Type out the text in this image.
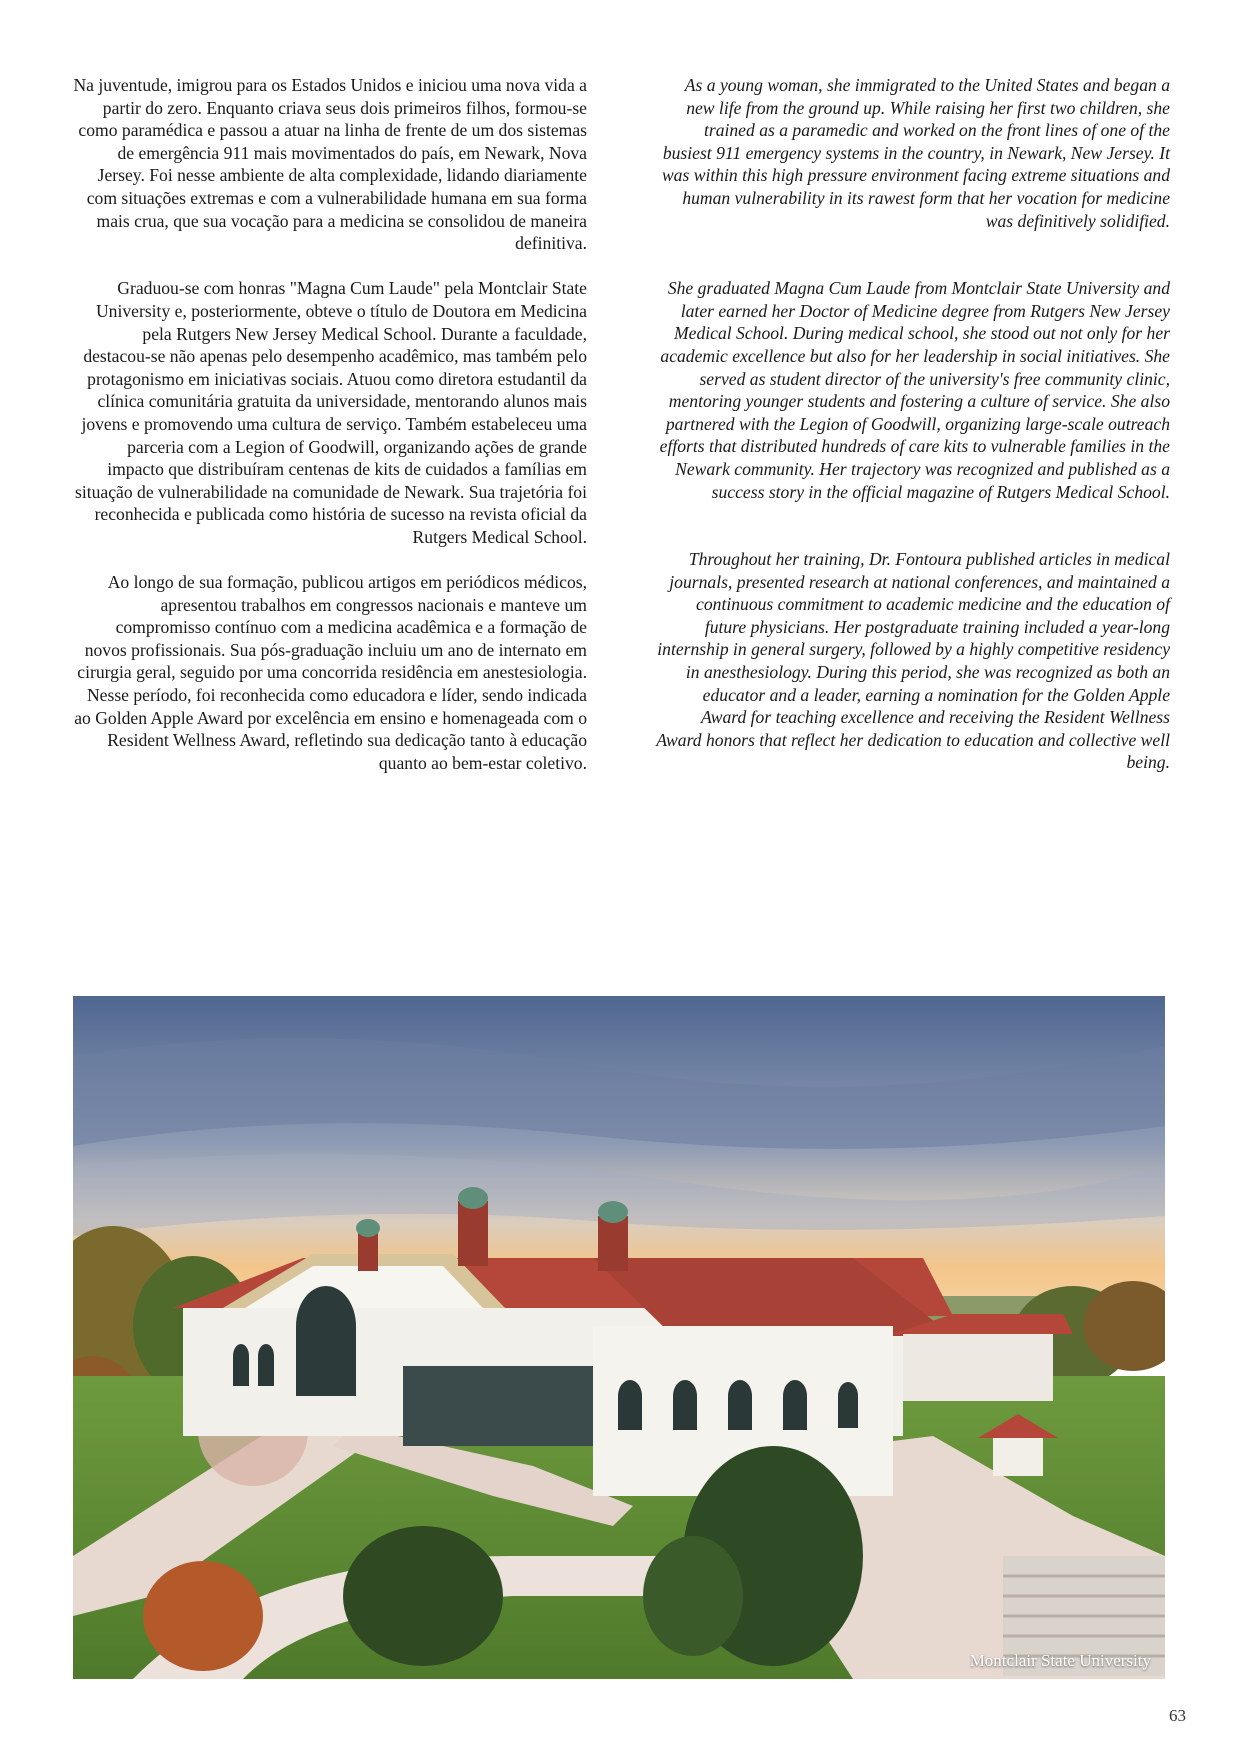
Na juventude, imigrou para os Estados Unidos e iniciou uma nova vida a partir do zero. Enquanto criava seus dois primeiros filhos, formou-se como paramédica e passou a atuar na linha de frente de um dos sistemas de emergência 911 mais movimentados do país, em Newark, Nova Jersey. Foi nesse ambiente de alta complexidade, lidando diariamente com situações extremas e com a vulnerabilidade humana em sua forma mais crua, que sua vocação para a medicina se consolidou de maneira definitiva.

Graduou-se com honras "Magna Cum Laude" pela Montclair State University e, posteriormente, obteve o título de Doutora em Medicina pela Rutgers New Jersey Medical School. Durante a faculdade, destacou-se não apenas pelo desempenho acadêmico, mas também pelo protagonismo em iniciativas sociais. Atuou como diretora estudantil da clínica comunitária gratuita da universidade, mentorando alunos mais jovens e promovendo uma cultura de serviço. Também estabeleceu uma parceria com a Legion of Goodwill, organizando ações de grande impacto que distribuíram centenas de kits de cuidados a famílias em situação de vulnerabilidade na comunidade de Newark. Sua trajetória foi reconhecida e publicada como história de sucesso na revista oficial da Rutgers Medical School.

Ao longo de sua formação, publicou artigos em periódicos médicos, apresentou trabalhos em congressos nacionais e manteve um compromisso contínuo com a medicina acadêmica e a formação de novos profissionais. Sua pós-graduação incluiu um ano de internato em cirurgia geral, seguido por uma concorrida residência em anestesiologia. Nesse período, foi reconhecida como educadora e líder, sendo indicada ao Golden Apple Award por excelência em ensino e homenageada com o Resident Wellness Award, refletindo sua dedicação tanto à educação quanto ao bem-estar coletivo.

As a young woman, she immigrated to the United States and began a new life from the ground up. While raising her first two children, she trained as a paramedic and worked on the front lines of one of the busiest 911 emergency systems in the country, in Newark, New Jersey. It was within this high pressure environment facing extreme situations and human vulnerability in its rawest form that her vocation for medicine was definitively solidified.

She graduated Magna Cum Laude from Montclair State University and later earned her Doctor of Medicine degree from Rutgers New Jersey Medical School. During medical school, she stood out not only for her academic excellence but also for her leadership in social initiatives. She served as student director of the university's free community clinic, mentoring younger students and fostering a culture of service. She also partnered with the Legion of Goodwill, organizing large-scale outreach efforts that distributed hundreds of care kits to vulnerable families in the Newark community. Her trajectory was recognized and published as a success story in the official magazine of Rutgers Medical School.

Throughout her training, Dr. Fontoura published articles in medical journals, presented research at national conferences, and maintained a continuous commitment to academic medicine and the education of future physicians. Her postgraduate training included a year-long internship in general surgery, followed by a highly competitive residency in anesthesiology. During this period, she was recognized as both an educator and a leader, earning a nomination for the Golden Apple Award for teaching excellence and receiving the Resident Wellness Award honors that reflect her dedication to education and collective well being.

Montclair State University
63
